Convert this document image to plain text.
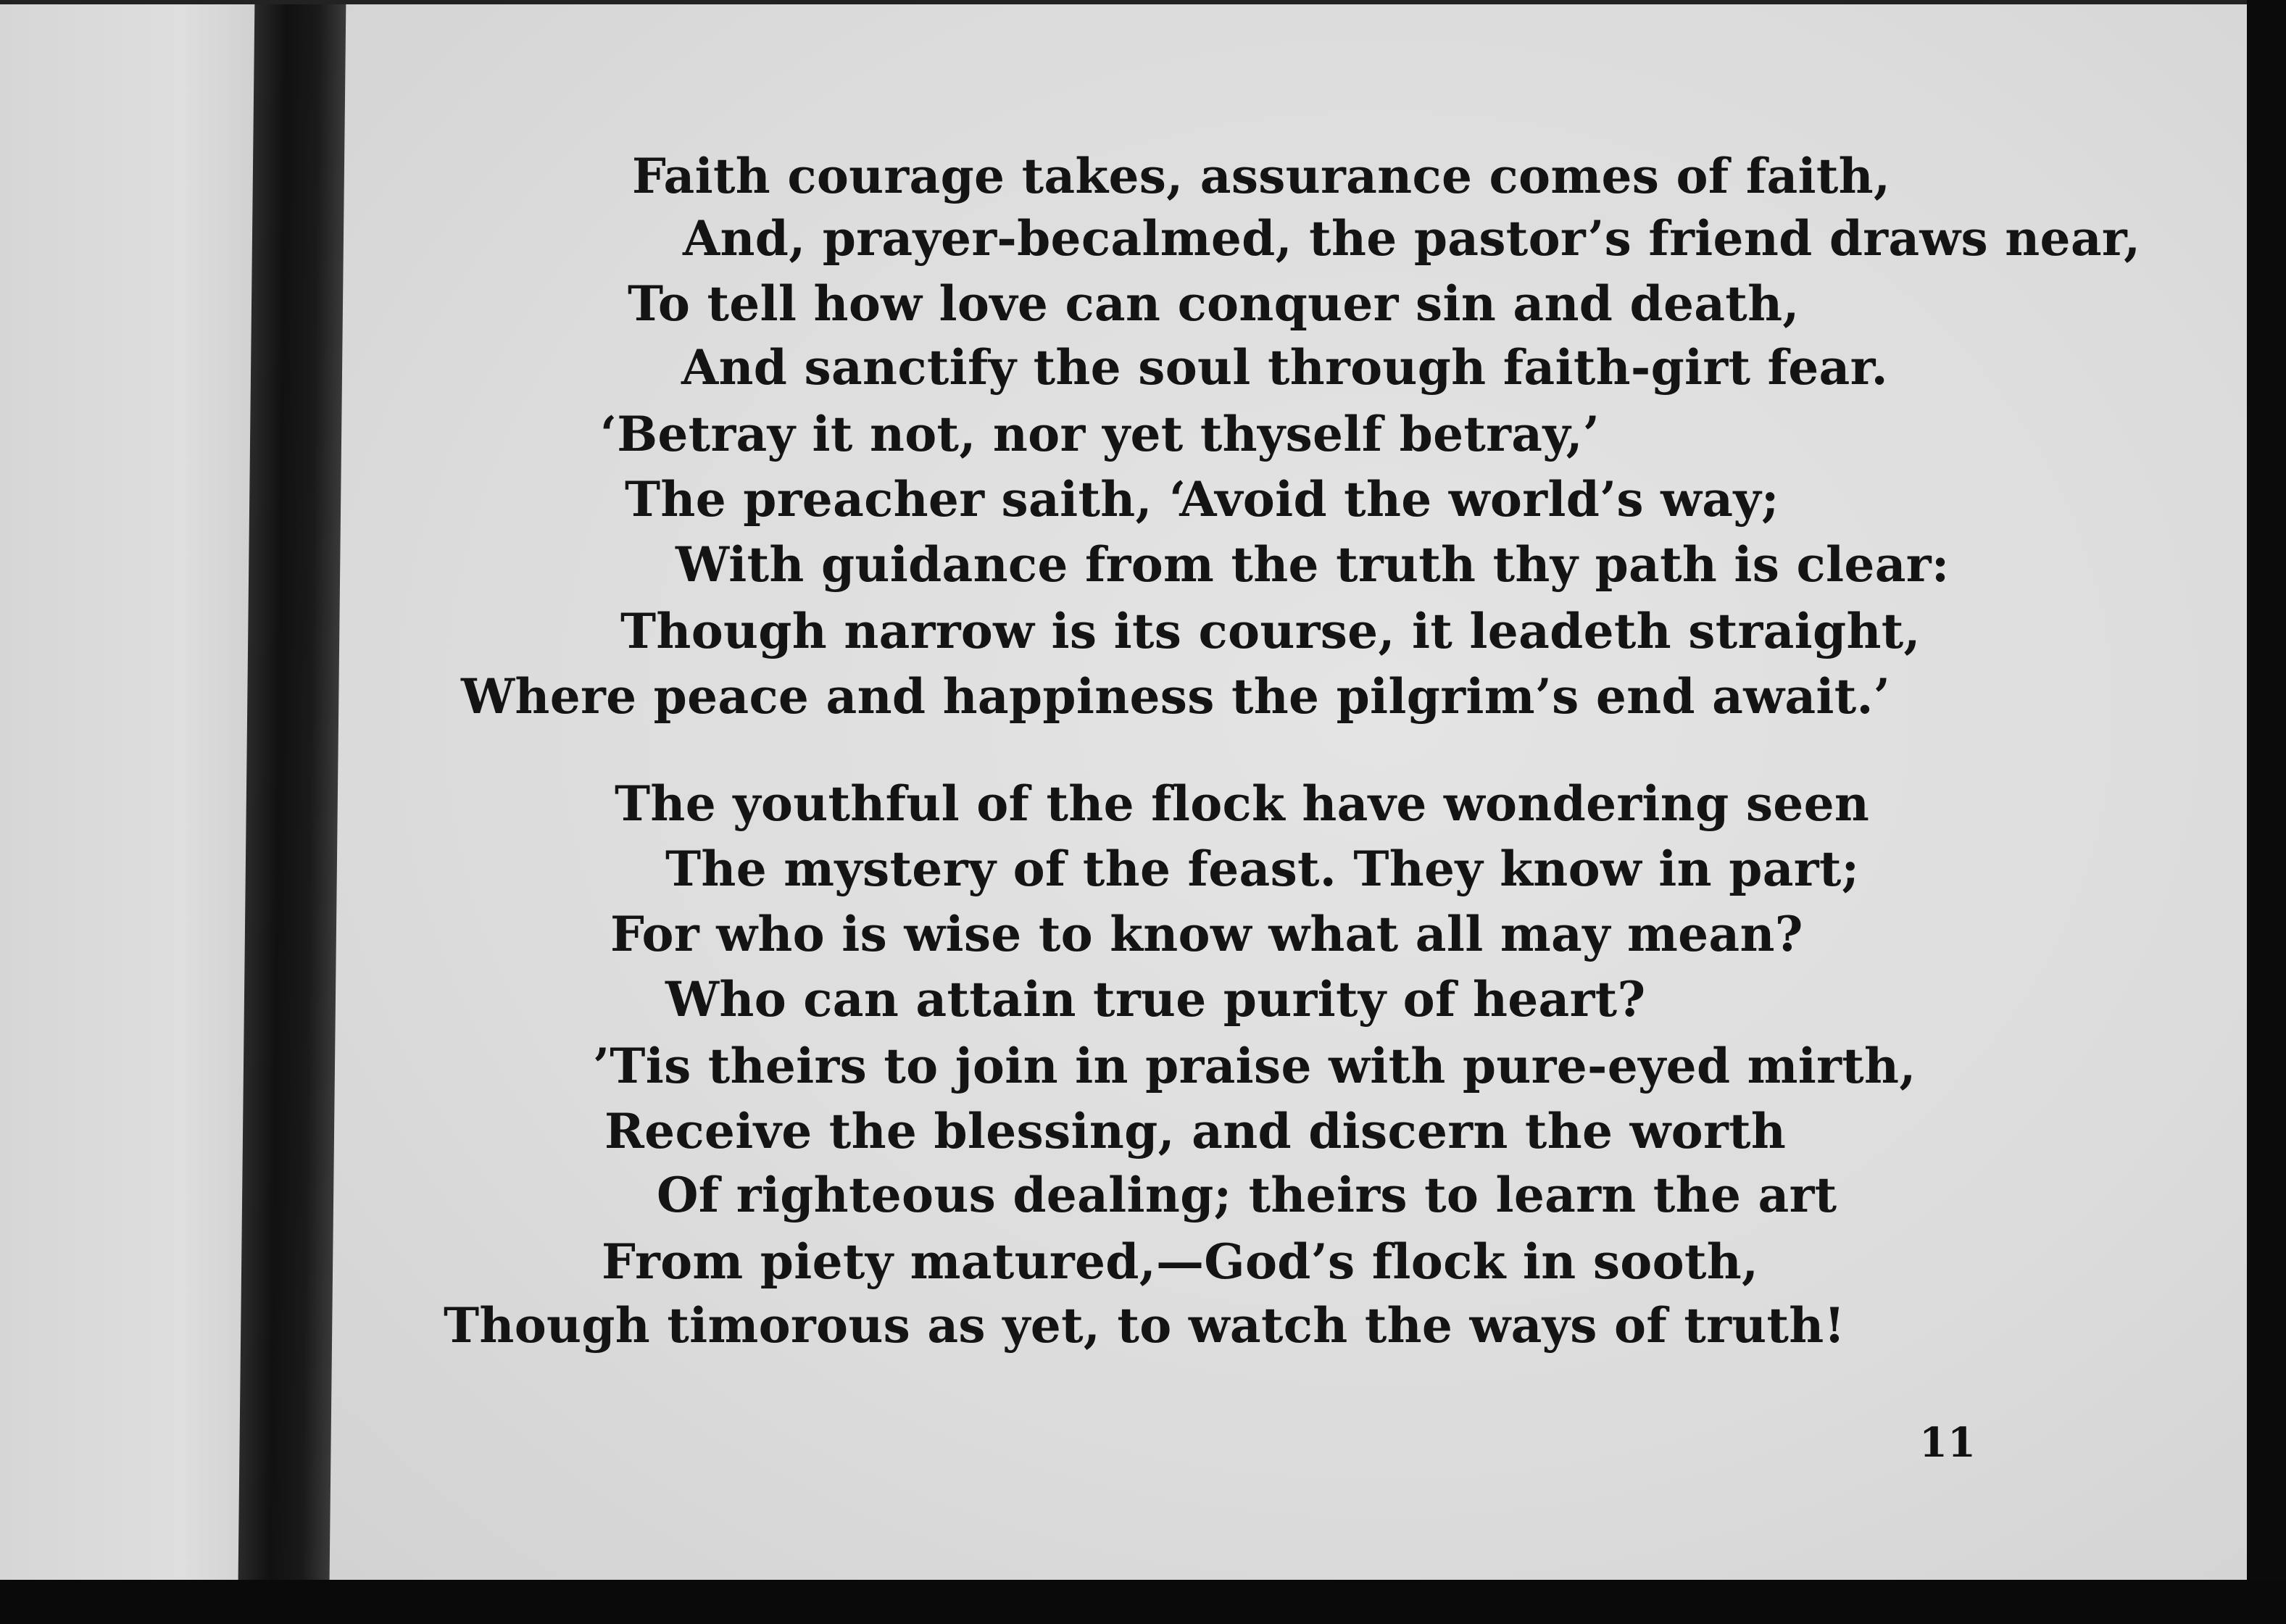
Faith courage takes, assurance comes of faith,
And, prayer-becalmed, the pastor’s friend draws near,
To tell how love can conquer sin and death,
And sanctify the soul through faith-girt fear.
‘Betray it not, nor yet thyself betray,’
The preacher saith, ‘Avoid the world’s way;
With guidance from the truth thy path is clear:
Though narrow is its course, it leadeth straight,
Where peace and happiness the pilgrim’s end await.’
The youthful of the flock have wondering seen
The mystery of the feast. They know in part;
For who is wise to know what all may mean?
Who can attain true purity of heart?
’Tis theirs to join in praise with pure-eyed mirth,
Receive the blessing, and discern the worth
Of righteous dealing; theirs to learn the art
From piety matured,—God’s flock in sooth,
Though timorous as yet, to watch the ways of truth!
11
